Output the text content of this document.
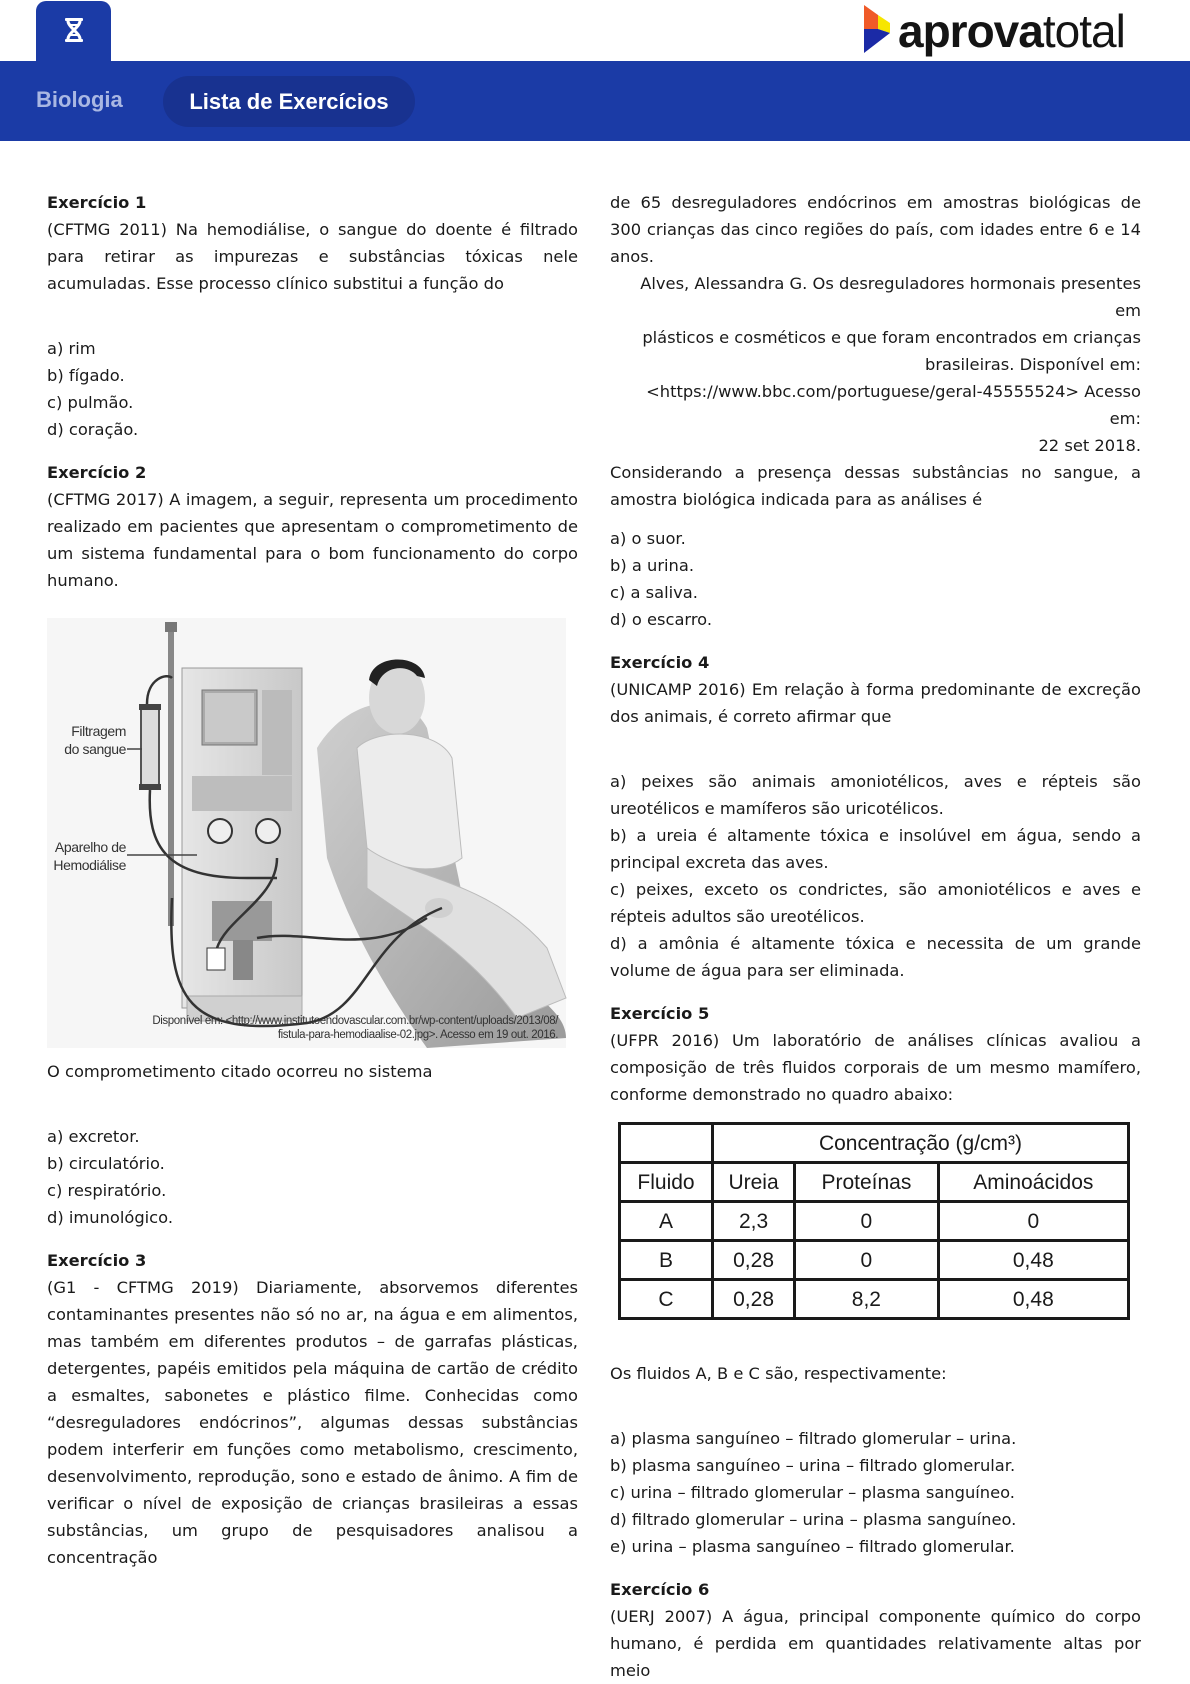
aprovatotal
Biologia	Lista de Exercícios
Exercício 1

(CFTMG 2011) Na hemodiálise, o sangue do doente é filtrado para retirar as impurezas e substâncias tóxicas nele acumuladas. Esse processo clínico substitui a função do

a) rim
b) fígado.
c) pulmão.
d) coração.
Exercício 2

(CFTMG 2017) A imagem, a seguir, representa um procedimento realizado em pacientes que apresentam o comprometimento de um sistema fundamental para o bom funcionamento do corpo humano.

Filtragem
do sangue
Aparelho de
Hemodiálise
Disponível em: <http://www.institutoendovascular.com.br/wp-content/uploads/2013/08/
fistula-para-hemodiaalise-02.jpg>. Acesso em 19 out. 2016.

O comprometimento citado ocorreu no sistema

a) excretor.
b) circulatório.
c) respiratório.
d) imunológico.
Exercício 3

(G1 - CFTMG 2019) Diariamente, absorvemos diferentes contaminantes presentes não só no ar, na água e em alimentos, mas também em diferentes produtos – de garrafas plásticas, detergentes, papéis emitidos pela máquina de cartão de crédito a esmaltes, sabonetes e plástico filme. Conhecidas como “desreguladores endócrinos”, algumas dessas substâncias podem interferir em funções como metabolismo, crescimento, desenvolvimento, reprodução, sono e estado de ânimo. A fim de verificar o nível de exposição de crianças brasileiras a essas substâncias, um grupo de pesquisadores analisou a concentração

de 65 desreguladores endócrinos em amostras biológicas de 300 crianças das cinco regiões do país, com idades entre 6 e 14 anos.

Alves, Alessandra G. Os desreguladores hormonais presentes em
plásticos e cosméticos e que foram encontrados em crianças
brasileiras. Disponível em:
<https://www.bbc.com/portuguese/geral-45555524> Acesso em:
22 set 2018.

Considerando a presença dessas substâncias no sangue, a amostra biológica indicada para as análises é

a) o suor.
b) a urina.
c) a saliva.
d) o escarro.
Exercício 4

(UNICAMP 2016) Em relação à forma predominante de excreção dos animais, é correto afirmar que

a) peixes são animais amoniotélicos, aves e répteis são ureotélicos e mamíferos são uricotélicos.

b) a ureia é altamente tóxica e insolúvel em água, sendo a principal excreta das aves.

c) peixes, exceto os condrictes, são amoniotélicos e aves e répteis adultos são ureotélicos.

d) a amônia é altamente tóxica e necessita de um grande volume de água para ser eliminada.

Exercício 5

(UFPR 2016) Um laboratório de análises clínicas avaliou a composição de três fluidos corporais de um mesmo mamífero, conforme demonstrado no quadro abaixo:

	Concentração (g/cm³)		
Fluido	Ureia	Proteínas	Aminoácidos
A	2,3	0	0
B	0,28	0	0,48
C	0,28	8,2	0,48

Os fluidos A, B e C são, respectivamente:

a) plasma sanguíneo – filtrado glomerular – urina.
b) plasma sanguíneo – urina – filtrado glomerular.
c) urina – filtrado glomerular – plasma sanguíneo.
d) filtrado glomerular – urina – plasma sanguíneo.
e) urina – plasma sanguíneo – filtrado glomerular.
Exercício 6

(UERJ 2007) A água, principal componente químico do corpo humano, é perdida em quantidades relativamente altas por meio
